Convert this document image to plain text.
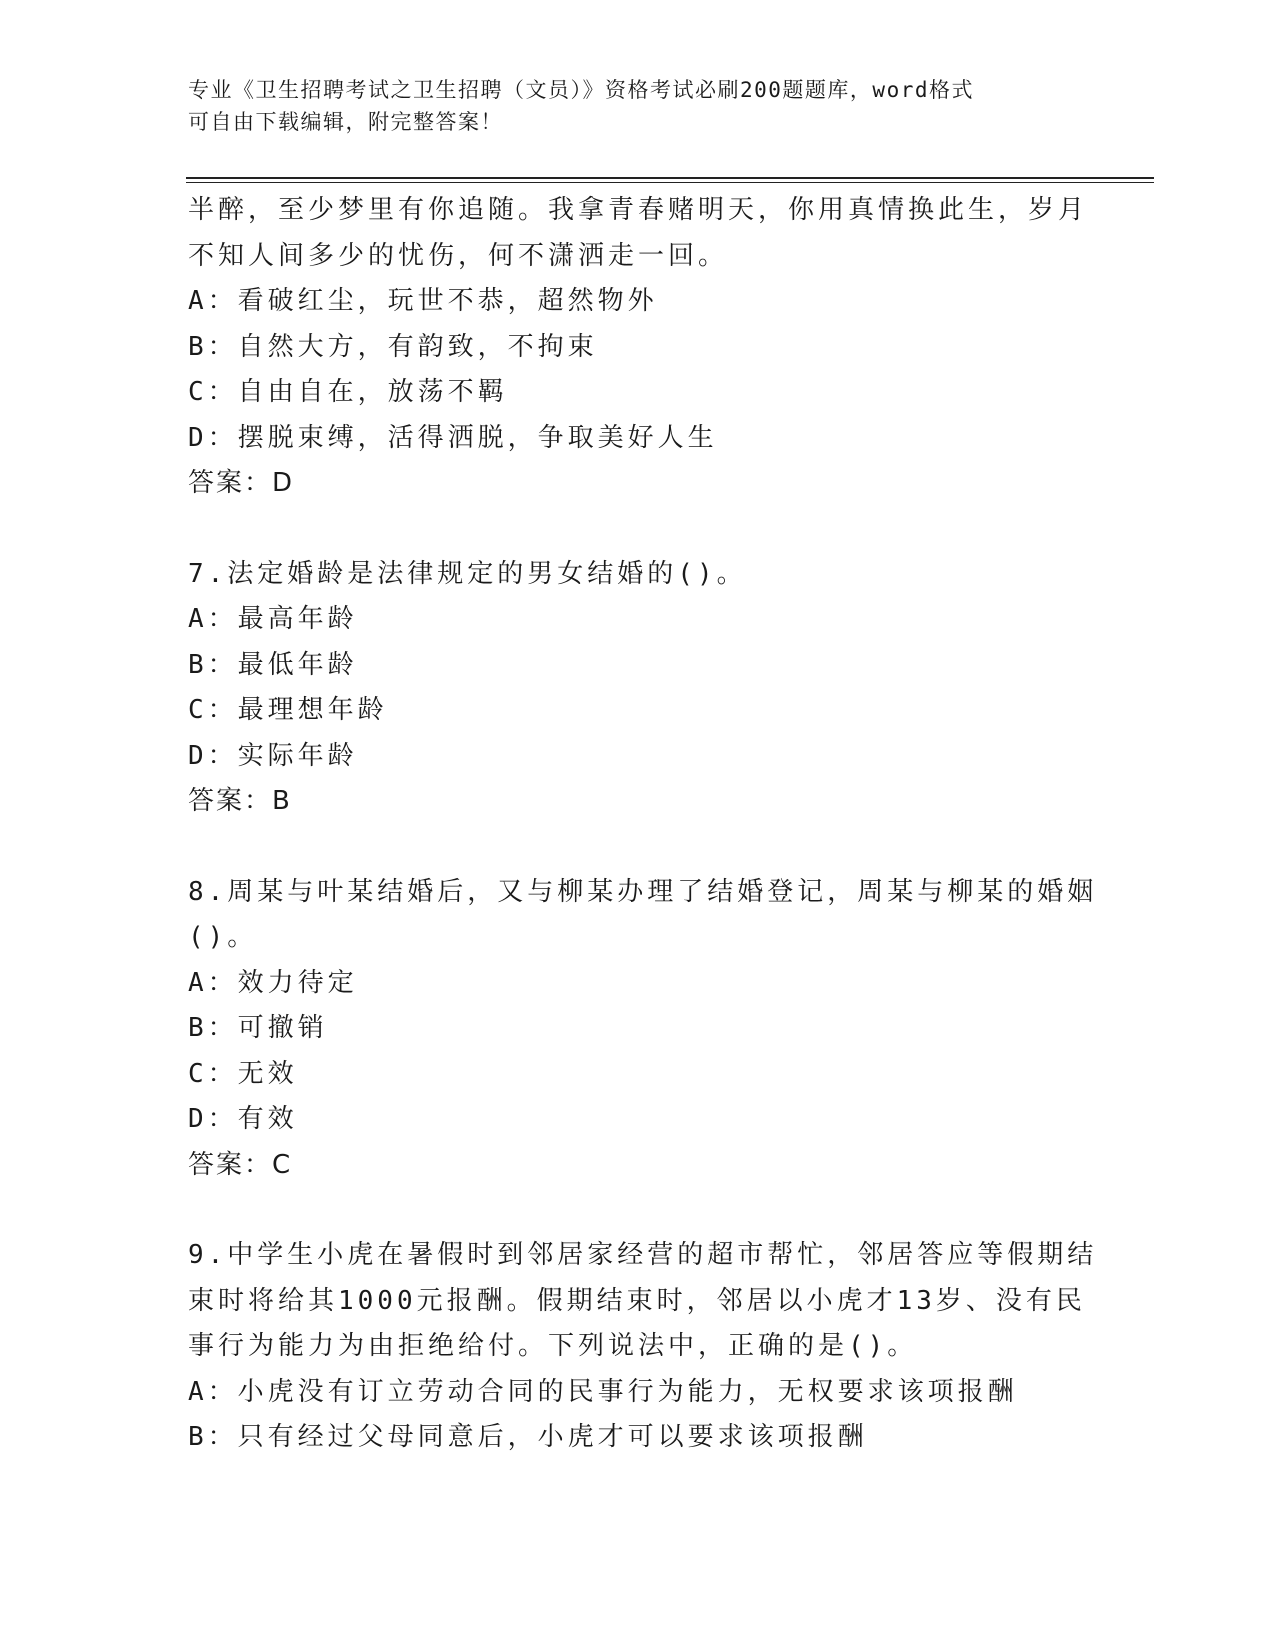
专业《卫生招聘考试之卫生招聘（文员）》资格考试必刷200题题库，word格式
可自由下载编辑，附完整答案！
半醉，至少梦里有你追随。我拿青春赌明天，你用真情换此生，岁月
不知人间多少的忧伤，何不潇洒走一回。
A：看破红尘，玩世不恭，超然物外
B：自然大方，有韵致，不拘束
C：自由自在，放荡不羁
D：摆脱束缚，活得洒脱，争取美好人生
答案：D
7.法定婚龄是法律规定的男女结婚的()。
A：最高年龄
B：最低年龄
C：最理想年龄
D：实际年龄
答案：B
8.周某与叶某结婚后，又与柳某办理了结婚登记，周某与柳某的婚姻
()。
A：效力待定
B：可撤销
C：无效
D：有效
答案：C
9.中学生小虎在暑假时到邻居家经营的超市帮忙，邻居答应等假期结
束时将给其1000元报酬。假期结束时，邻居以小虎才13岁、没有民
事行为能力为由拒绝给付。下列说法中，正确的是()。
A：小虎没有订立劳动合同的民事行为能力，无权要求该项报酬
B：只有经过父母同意后，小虎才可以要求该项报酬
